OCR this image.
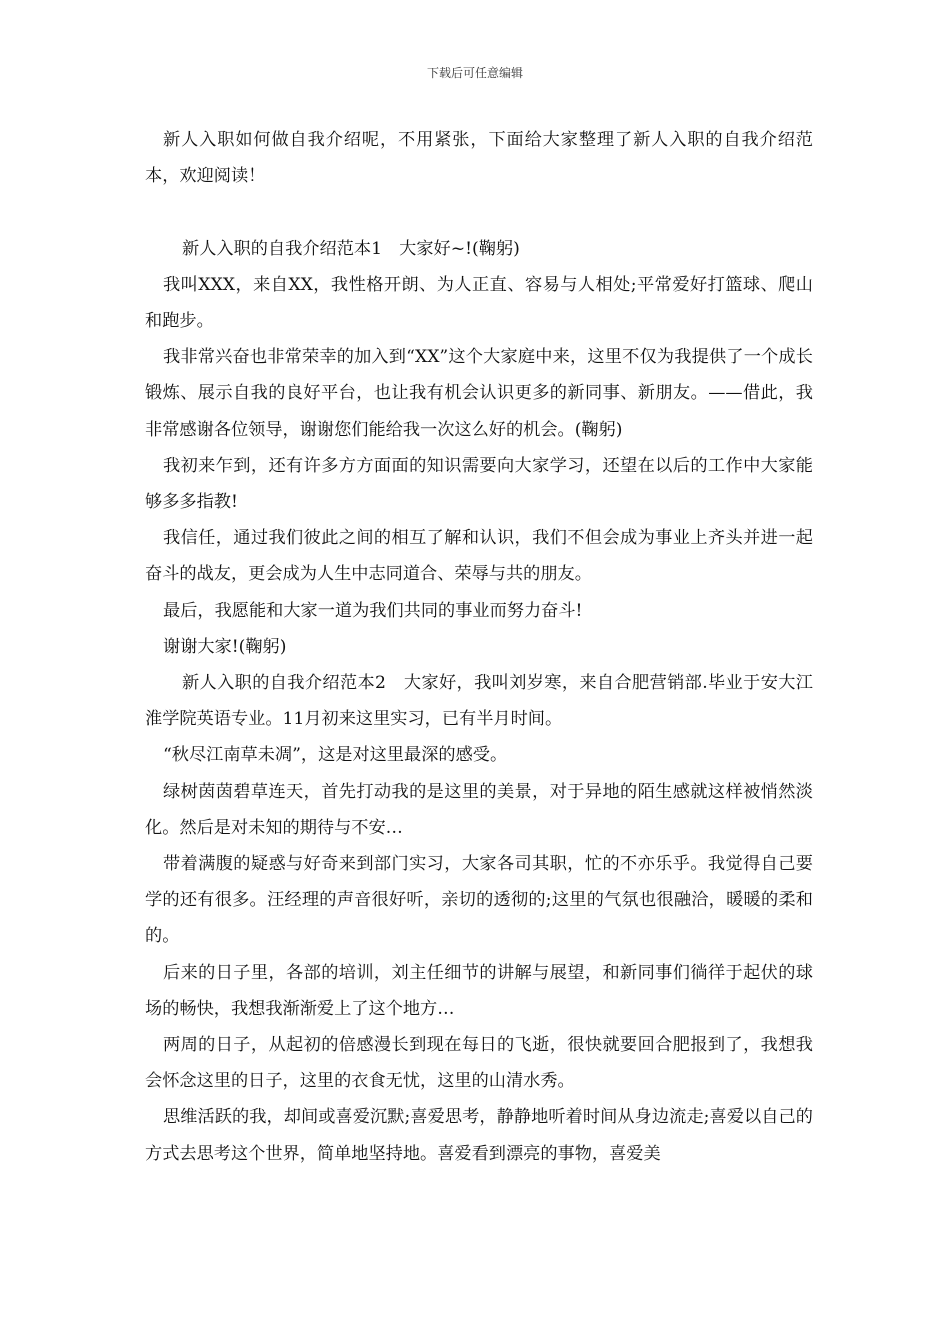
下载后可任意编辑

新人入职如何做自我介绍呢，不用紧张，下面给大家整理了新人入职的自我介绍范本，欢迎阅读！

新人入职的自我介绍范本1　大家好~!(鞠躬)

我叫XXX，来自XX，我性格开朗、为人正直、容易与人相处;平常爱好打篮球、爬山和跑步。

我非常兴奋也非常荣幸的加入到“XX”这个大家庭中来，这里不仅为我提供了一个成长锻炼、展示自我的良好平台，也让我有机会认识更多的新同事、新朋友。——借此，我非常感谢各位领导，谢谢您们能给我一次这么好的机会。(鞠躬)

我初来乍到，还有许多方方面面的知识需要向大家学习，还望在以后的工作中大家能够多多指教!

我信任，通过我们彼此之间的相互了解和认识，我们不但会成为事业上齐头并进一起奋斗的战友，更会成为人生中志同道合、荣辱与共的朋友。

最后，我愿能和大家一道为我们共同的事业而努力奋斗!

谢谢大家!(鞠躬)

新人入职的自我介绍范本2　大家好，我叫刘岁寒，来自合肥营销部.毕业于安大江淮学院英语专业。11月初来这里实习，已有半月时间。

“秋尽江南草未凋”，这是对这里最深的感受。

绿树茵茵碧草连天，首先打动我的是这里的美景，对于异地的陌生感就这样被悄然淡化。然后是对未知的期待与不安…

带着满腹的疑惑与好奇来到部门实习，大家各司其职，忙的不亦乐乎。我觉得自己要学的还有很多。汪经理的声音很好听，亲切的透彻的;这里的气氛也很融洽，暖暖的柔和的。

后来的日子里，各部的培训，刘主任细节的讲解与展望，和新同事们徜徉于起伏的球场的畅快，我想我渐渐爱上了这个地方…

两周的日子，从起初的倍感漫长到现在每日的飞逝，很快就要回合肥报到了，我想我会怀念这里的日子，这里的衣食无忧，这里的山清水秀。

思维活跃的我，却间或喜爱沉默;喜爱思考，静静地听着时间从身边流走;喜爱以自己的方式去思考这个世界，简单地坚持地。喜爱看到漂亮的事物，喜爱美
